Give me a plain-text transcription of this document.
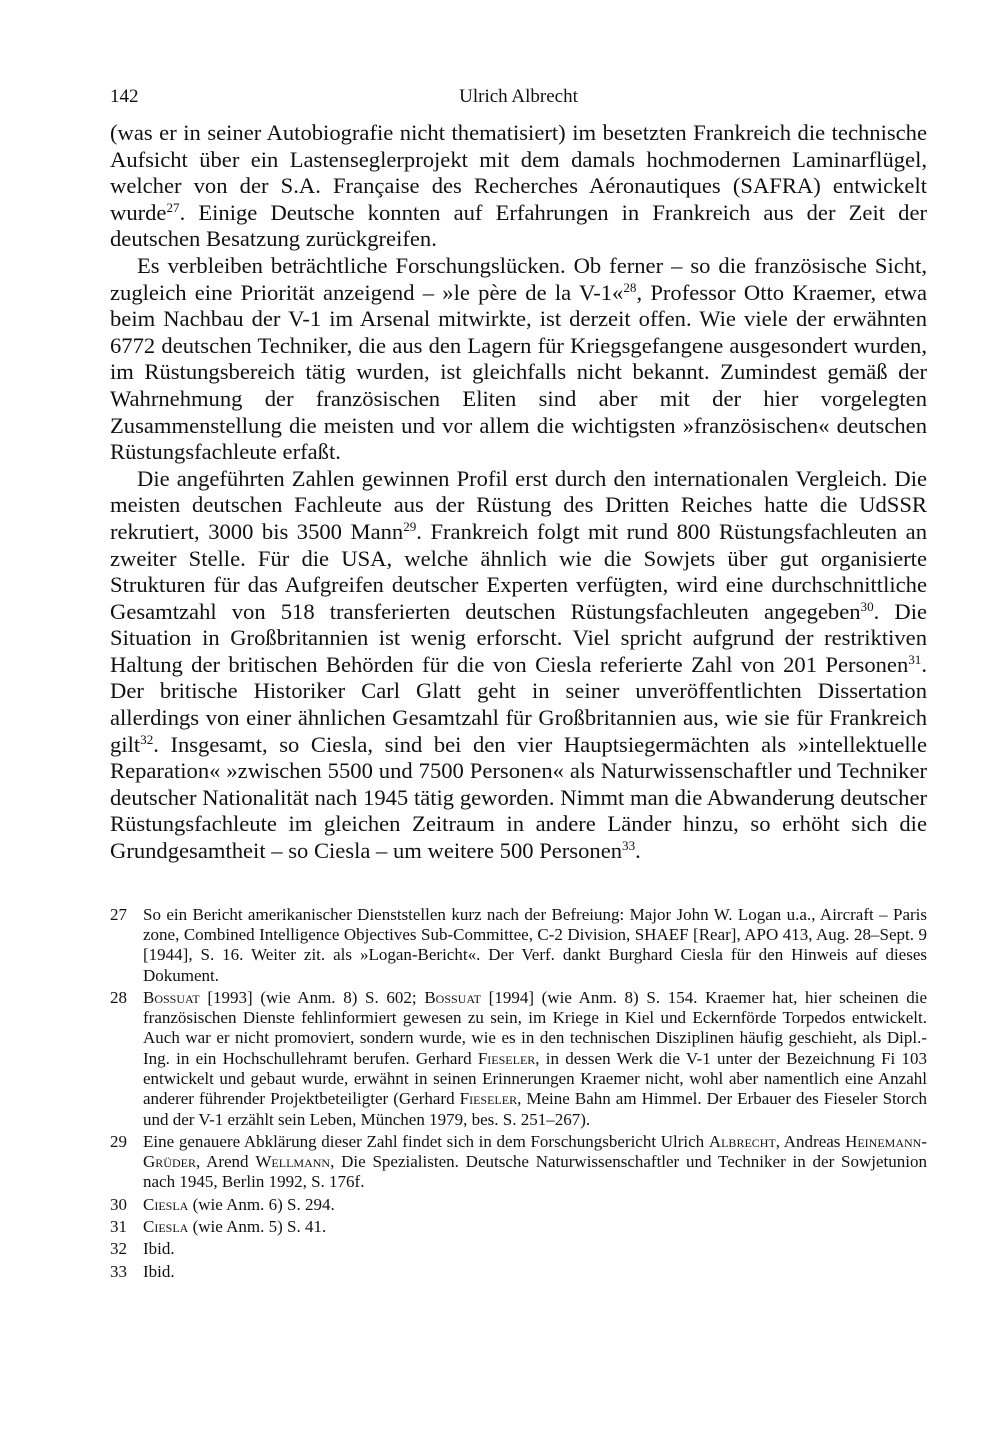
142	Ulrich Albrecht

(was er in seiner Autobiografie nicht thematisiert) im besetzten Frankreich die technische Aufsicht über ein Lastenseglerprojekt mit dem damals hochmodernen Laminarflügel, welcher von der S.A. Française des Recherches Aéronautiques (SAFRA) entwickelt wurde$^{27}$. Einige Deutsche konnten auf Erfahrungen in Frankreich aus der Zeit der deutschen Besatzung zurückgreifen.

Es verbleiben beträchtliche Forschungslücken. Ob ferner – so die französische Sicht, zugleich eine Priorität anzeigend – »le père de la V-1«$^{28}$, Professor Otto Kraemer, etwa beim Nachbau der V-1 im Arsenal mitwirkte, ist derzeit offen. Wie viele der erwähnten 6772 deutschen Techniker, die aus den Lagern für Kriegsgefangene ausgesondert wurden, im Rüstungsbereich tätig wurden, ist gleichfalls nicht bekannt. Zumindest gemäß der Wahrnehmung der französischen Eliten sind aber mit der hier vorgelegten Zusammenstellung die meisten und vor allem die wichtigsten »französischen« deutschen Rüstungsfachleute erfaßt.

Die angeführten Zahlen gewinnen Profil erst durch den internationalen Vergleich. Die meisten deutschen Fachleute aus der Rüstung des Dritten Reiches hatte die UdSSR rekrutiert, 3000 bis 3500 Mann$^{29}$. Frankreich folgt mit rund 800 Rüstungsfachleuten an zweiter Stelle. Für die USA, welche ähnlich wie die Sowjets über gut organisierte Strukturen für das Aufgreifen deutscher Experten verfügten, wird eine durchschnittliche Gesamtzahl von 518 transferierten deutschen Rüstungsfachleuten angegeben$^{30}$. Die Situation in Großbritannien ist wenig erforscht. Viel spricht aufgrund der restriktiven Haltung der britischen Behörden für die von Ciesla referierte Zahl von 201 Personen$^{31}$. Der britische Historiker Carl Glatt geht in seiner unveröffentlichten Dissertation allerdings von einer ähnlichen Gesamtzahl für Großbritannien aus, wie sie für Frankreich gilt$^{32}$. Insgesamt, so Ciesla, sind bei den vier Hauptsiegermächten als »intellektuelle Reparation« »zwischen 5500 und 7500 Personen« als Naturwissenschaftler und Techniker deutscher Nationalität nach 1945 tätig geworden. Nimmt man die Abwanderung deutscher Rüstungsfachleute im gleichen Zeitraum in andere Länder hinzu, so erhöht sich die Grundgesamtheit – so Ciesla – um weitere 500 Personen$^{33}$.

27 So ein Bericht amerikanischer Dienststellen kurz nach der Befreiung: Major John W. Logan u.a., Aircraft – Paris zone, Combined Intelligence Objectives Sub-Committee, C-2 Division, SHAEF [Rear], APO 413, Aug. 28–Sept. 9 [1944], S. 16. Weiter zit. als »Logan-Bericht«. Der Verf. dankt Burghard Ciesla für den Hinweis auf dieses Dokument.
28 Bossuat [1993] (wie Anm. 8) S. 602; Bossuat [1994] (wie Anm. 8) S. 154. Kraemer hat, hier scheinen die französischen Dienste fehlinformiert gewesen zu sein, im Kriege in Kiel und Eckernförde Torpedos entwickelt. Auch war er nicht promoviert, sondern wurde, wie es in den technischen Disziplinen häufig geschieht, als Dipl.-Ing. in ein Hochschullehramt berufen. Gerhard Fieseler, in dessen Werk die V-1 unter der Bezeichnung Fi 103 entwickelt und gebaut wurde, erwähnt in seinen Erinnerungen Kraemer nicht, wohl aber namentlich eine Anzahl anderer führender Projektbeteiligter (Gerhard Fieseler, Meine Bahn am Himmel. Der Erbauer des Fieseler Storch und der V-1 erzählt sein Leben, München 1979, bes. S. 251–267).
29 Eine genauere Abklärung dieser Zahl findet sich in dem Forschungsbericht Ulrich Albrecht, Andreas Heinemann-Grüder, Arend Wellmann, Die Spezialisten. Deutsche Naturwissenschaftler und Techniker in der Sowjetunion nach 1945, Berlin 1992, S. 176f.
30 Ciesla (wie Anm. 6) S. 294.
31 Ciesla (wie Anm. 5) S. 41.
32 Ibid.
33 Ibid.
